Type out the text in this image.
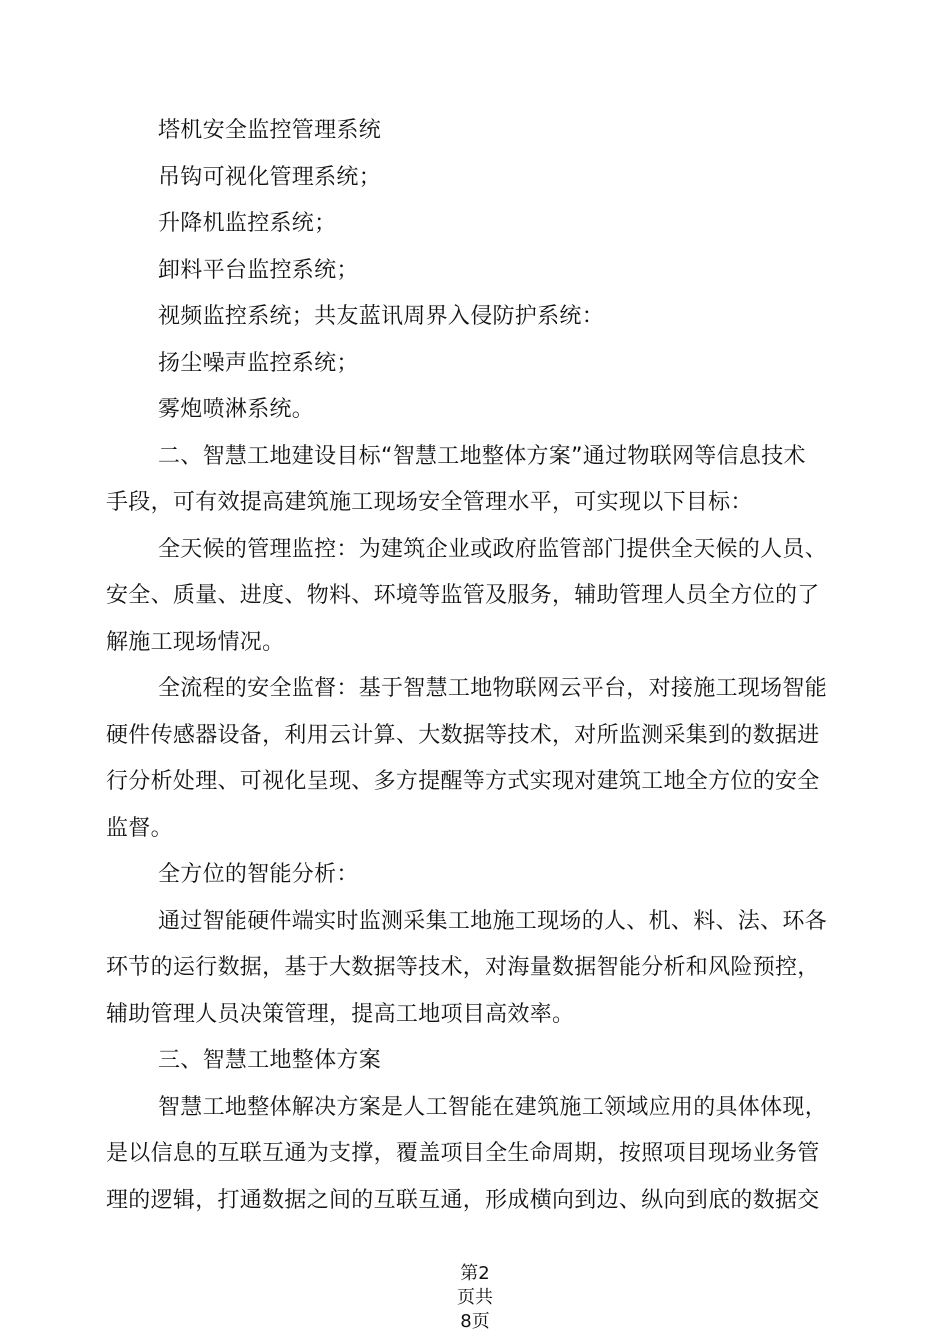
塔机安全监控管理系统
吊钩可视化管理系统；
升降机监控系统；
卸料平台监控系统；
视频监控系统；共友蓝讯周界入侵防护系统：
扬尘噪声监控系统；
雾炮喷淋系统。
二、智慧工地建设目标“智慧工地整体方案”通过物联网等信息技术
手段，可有效提高建筑施工现场安全管理水平，可实现以下目标：
全天候的管理监控：为建筑企业或政府监管部门提供全天候的人员、
安全、质量、进度、物料、环境等监管及服务，辅助管理人员全方位的了
解施工现场情况。
全流程的安全监督：基于智慧工地物联网云平台，对接施工现场智能
硬件传感器设备，利用云计算、大数据等技术，对所监测采集到的数据进
行分析处理、可视化呈现、多方提醒等方式实现对建筑工地全方位的安全
监督。
全方位的智能分析：
通过智能硬件端实时监测采集工地施工现场的人、机、料、法、环各
环节的运行数据，基于大数据等技术，对海量数据智能分析和风险预控，
辅助管理人员决策管理，提高工地项目高效率。
三、智慧工地整体方案
智慧工地整体解决方案是人工智能在建筑施工领域应用的具体体现，
是以信息的互联互通为支撑，覆盖项目全生命周期，按照项目现场业务管
理的逻辑，打通数据之间的互联互通，形成横向到边、纵向到底的数据交
第2
页共
8页
